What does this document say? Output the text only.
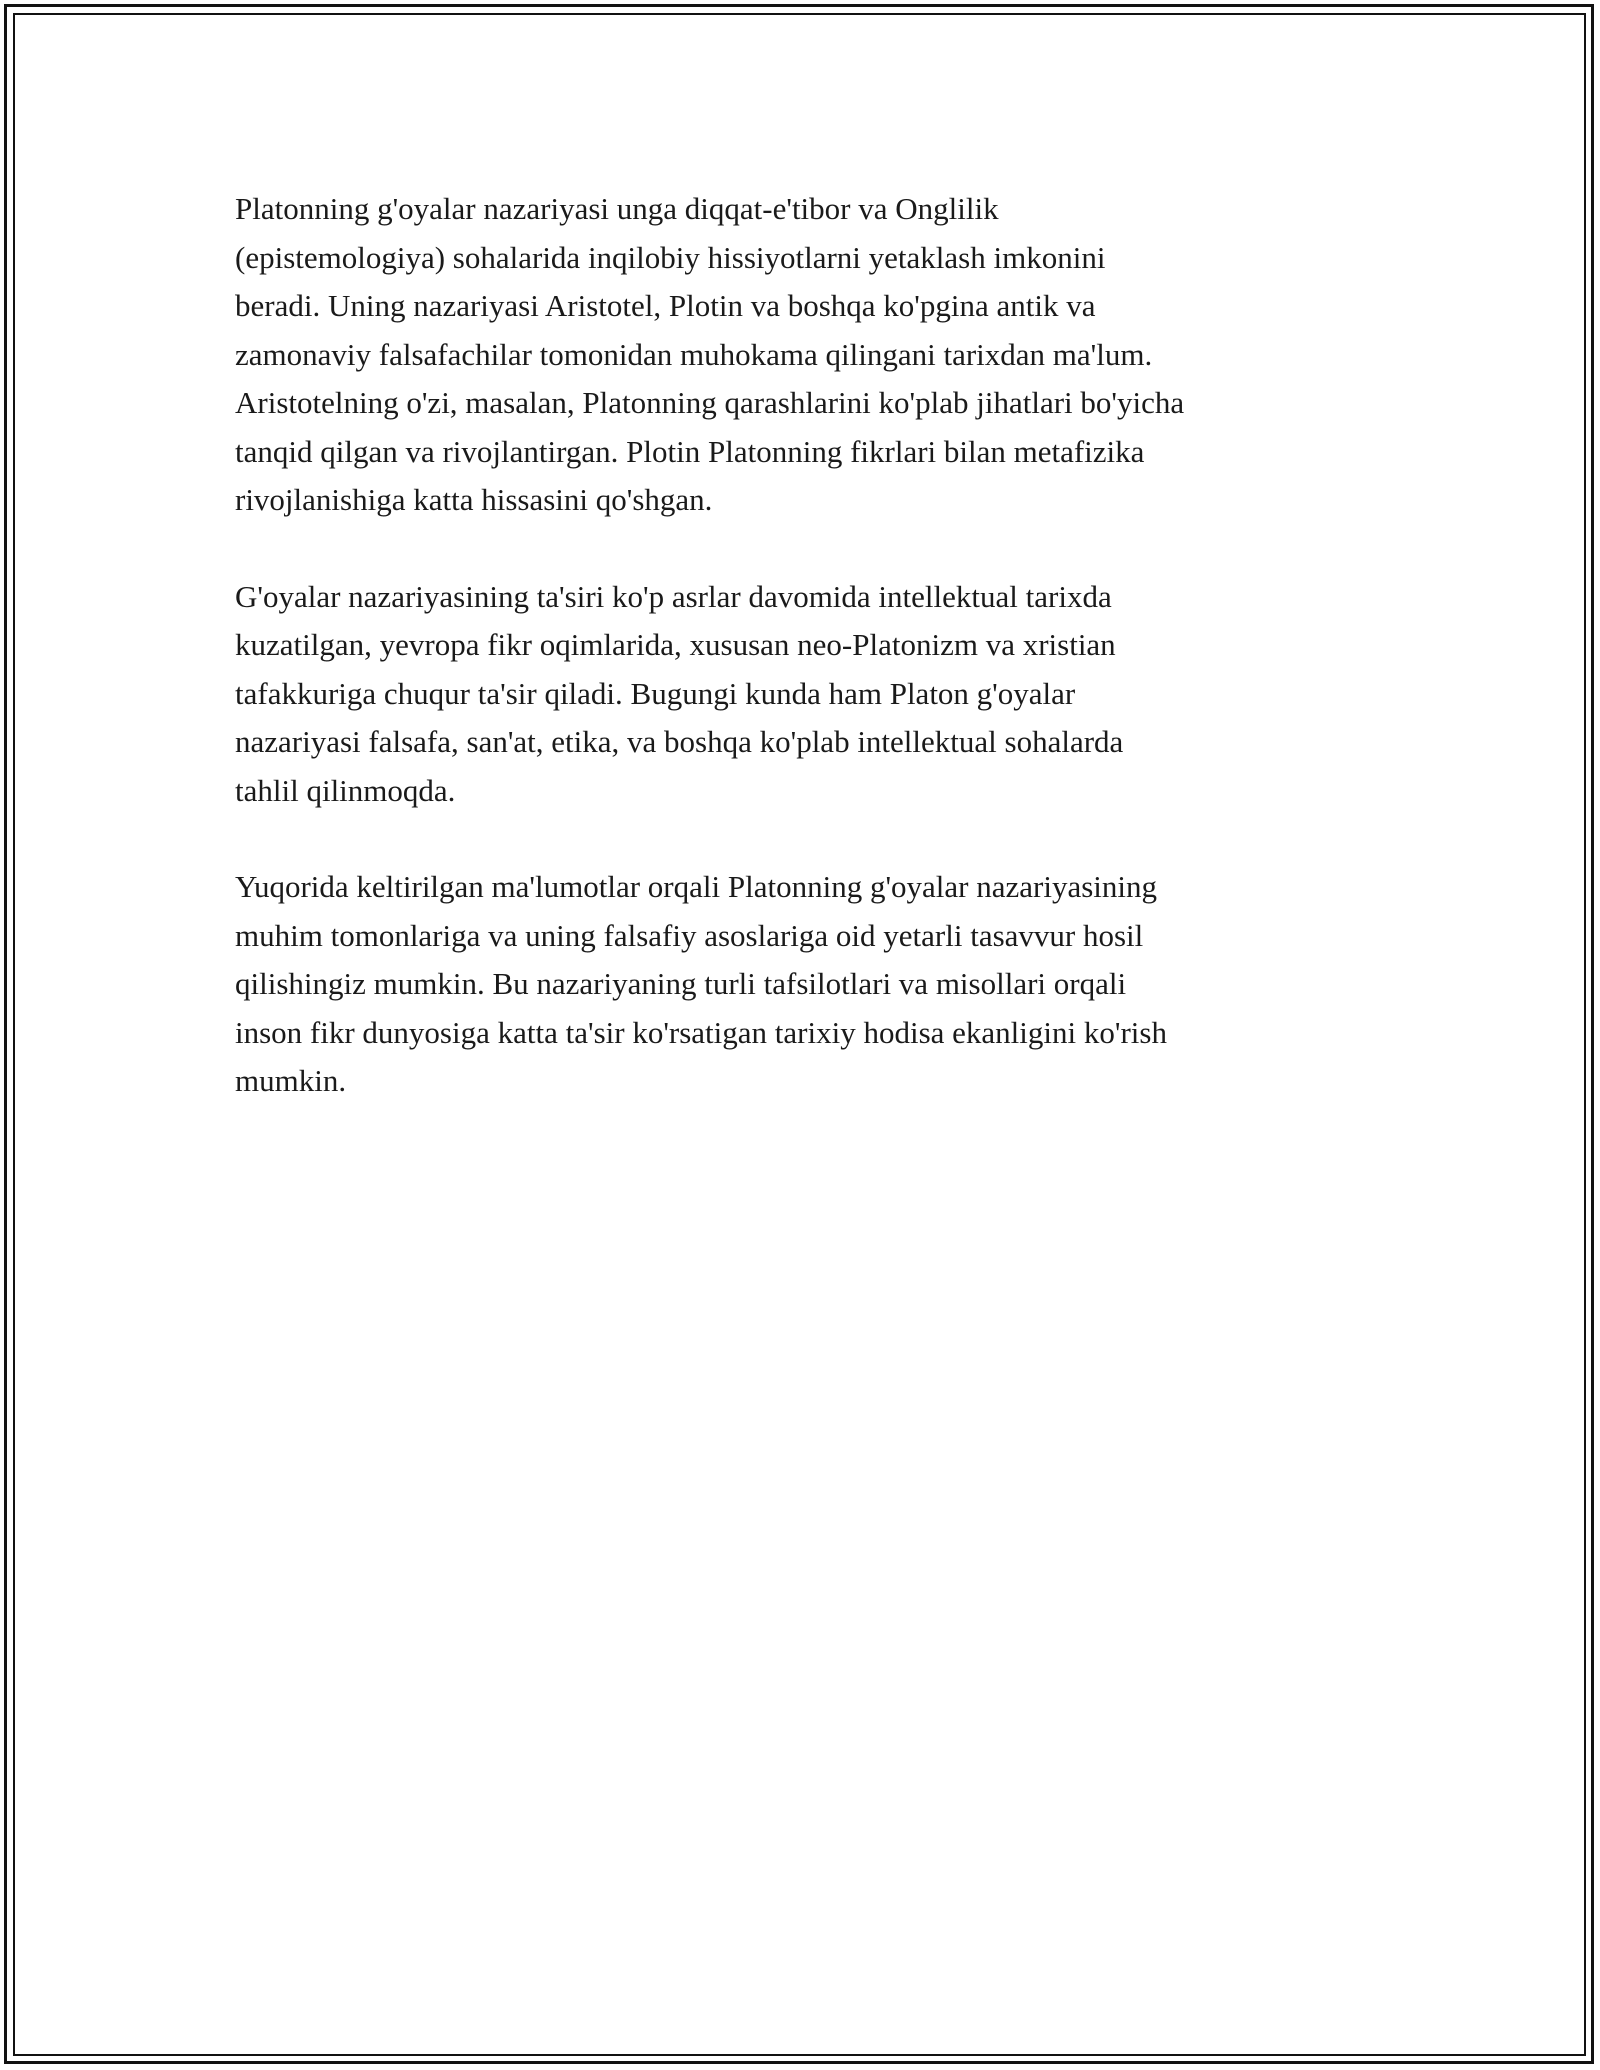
Platonning g'oyalar nazariyasi unga diqqat-e'tibor va Onglilik
(epistemologiya) sohalarida inqilobiy hissiyotlarni yetaklash imkonini
beradi. Uning nazariyasi Aristotel, Plotin va boshqa ko'pgina antik va
zamonaviy falsafachilar tomonidan muhokama qilingani tarixdan ma'lum.
Aristotelning o'zi, masalan, Platonning qarashlarini ko'plab jihatlari bo'yicha
tanqid qilgan va rivojlantirgan. Plotin Platonning fikrlari bilan metafizika
rivojlanishiga katta hissasini qo'shgan.

G'oyalar nazariyasining ta'siri ko'p asrlar davomida intellektual tarixda
kuzatilgan, yevropa fikr oqimlarida, xususan neo-Platonizm va xristian
tafakkuriga chuqur ta'sir qiladi. Bugungi kunda ham Platon g'oyalar
nazariyasi falsafa, san'at, etika, va boshqa ko'plab intellektual sohalarda
tahlil qilinmoqda.

Yuqorida keltirilgan ma'lumotlar orqali Platonning g'oyalar nazariyasining
muhim tomonlariga va uning falsafiy asoslariga oid yetarli tasavvur hosil
qilishingiz mumkin. Bu nazariyaning turli tafsilotlari va misollari orqali
inson fikr dunyosiga katta ta'sir ko'rsatigan tarixiy hodisa ekanligini ko'rish
mumkin.
